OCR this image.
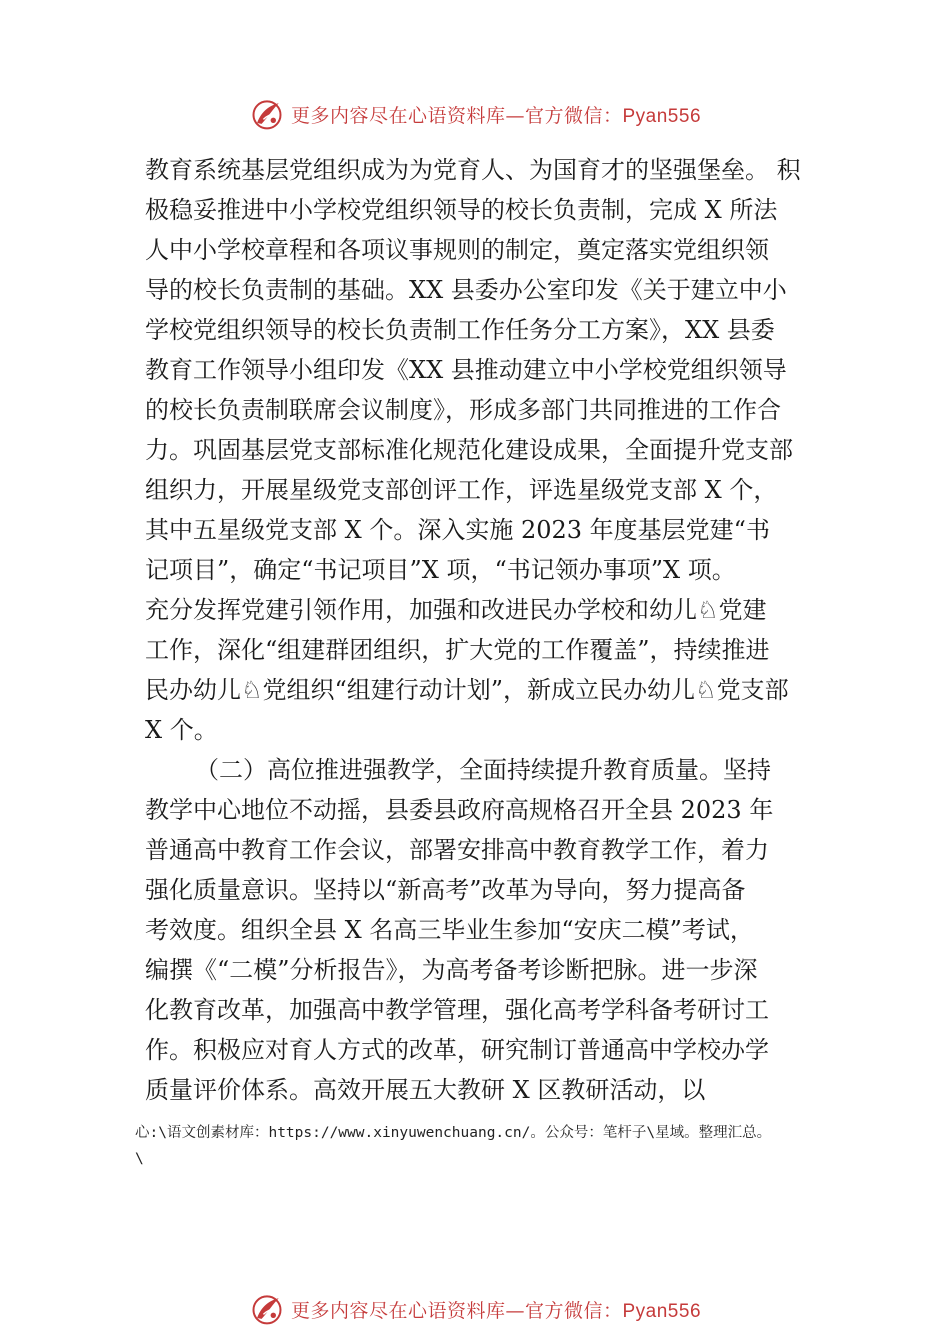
更多内容尽在心语资料库—官方微信：Pyan556
教育系统基层党组织成为为党育人、为国育才的坚强堡垒。 积
极稳妥推进中小学校党组织领导的校长负责制，完成 X 所法
人中小学校章程和各项议事规则的制定，奠定落实党组织领
导的校长负责制的基础。XX 县委办公室印发《关于建立中小
学校党组织领导的校长负责制工作任务分工方案》，XX 县委
教育工作领导小组印发《XX 县推动建立中小学校党组织领导
的校长负责制联席会议制度》，形成多部门共同推进的工作合
力。巩固基层党支部标准化规范化建设成果，全面提升党支部
组织力，开展星级党支部创评工作，评选星级党支部 X 个，
其中五星级党支部 X 个。深入实施 2023 年度基层党建“书
记项目”，确定“书记项目”X 项，“书记领办事项”X 项。
充分发挥党建引领作用，加强和改进民办学校和幼儿♘党建
工作，深化“组建群团组织，扩大党的工作覆盖”，持续推进
民办幼儿♘党组织“组建行动计划”，新成立民办幼儿♘党支部
X 个。
（二）高位推进强教学，全面持续提升教育质量。坚持
教学中心地位不动摇，县委县政府高规格召开全县 2023 年
普通高中教育工作会议，部署安排高中教育教学工作，着力
强化质量意识。坚持以“新高考”改革为导向，努力提高备
考效度。组织全县 X 名高三毕业生参加“安庆二模”考试，
编撰《“二模”分析报告》，为高考备考诊断把脉。进一步深
化教育改革，加强高中教学管理，强化高考学科备考研讨工
作。积极应对育人方式的改革，研究制订普通高中学校办学
质量评价体系。高效开展五大教研 X 区教研活动，以
心:\语文创素材库：https://www.xinyuwenchuang.cn/。公众号：笔杆子\星域。整理汇总。
\
更多内容尽在心语资料库—官方微信：Pyan556
